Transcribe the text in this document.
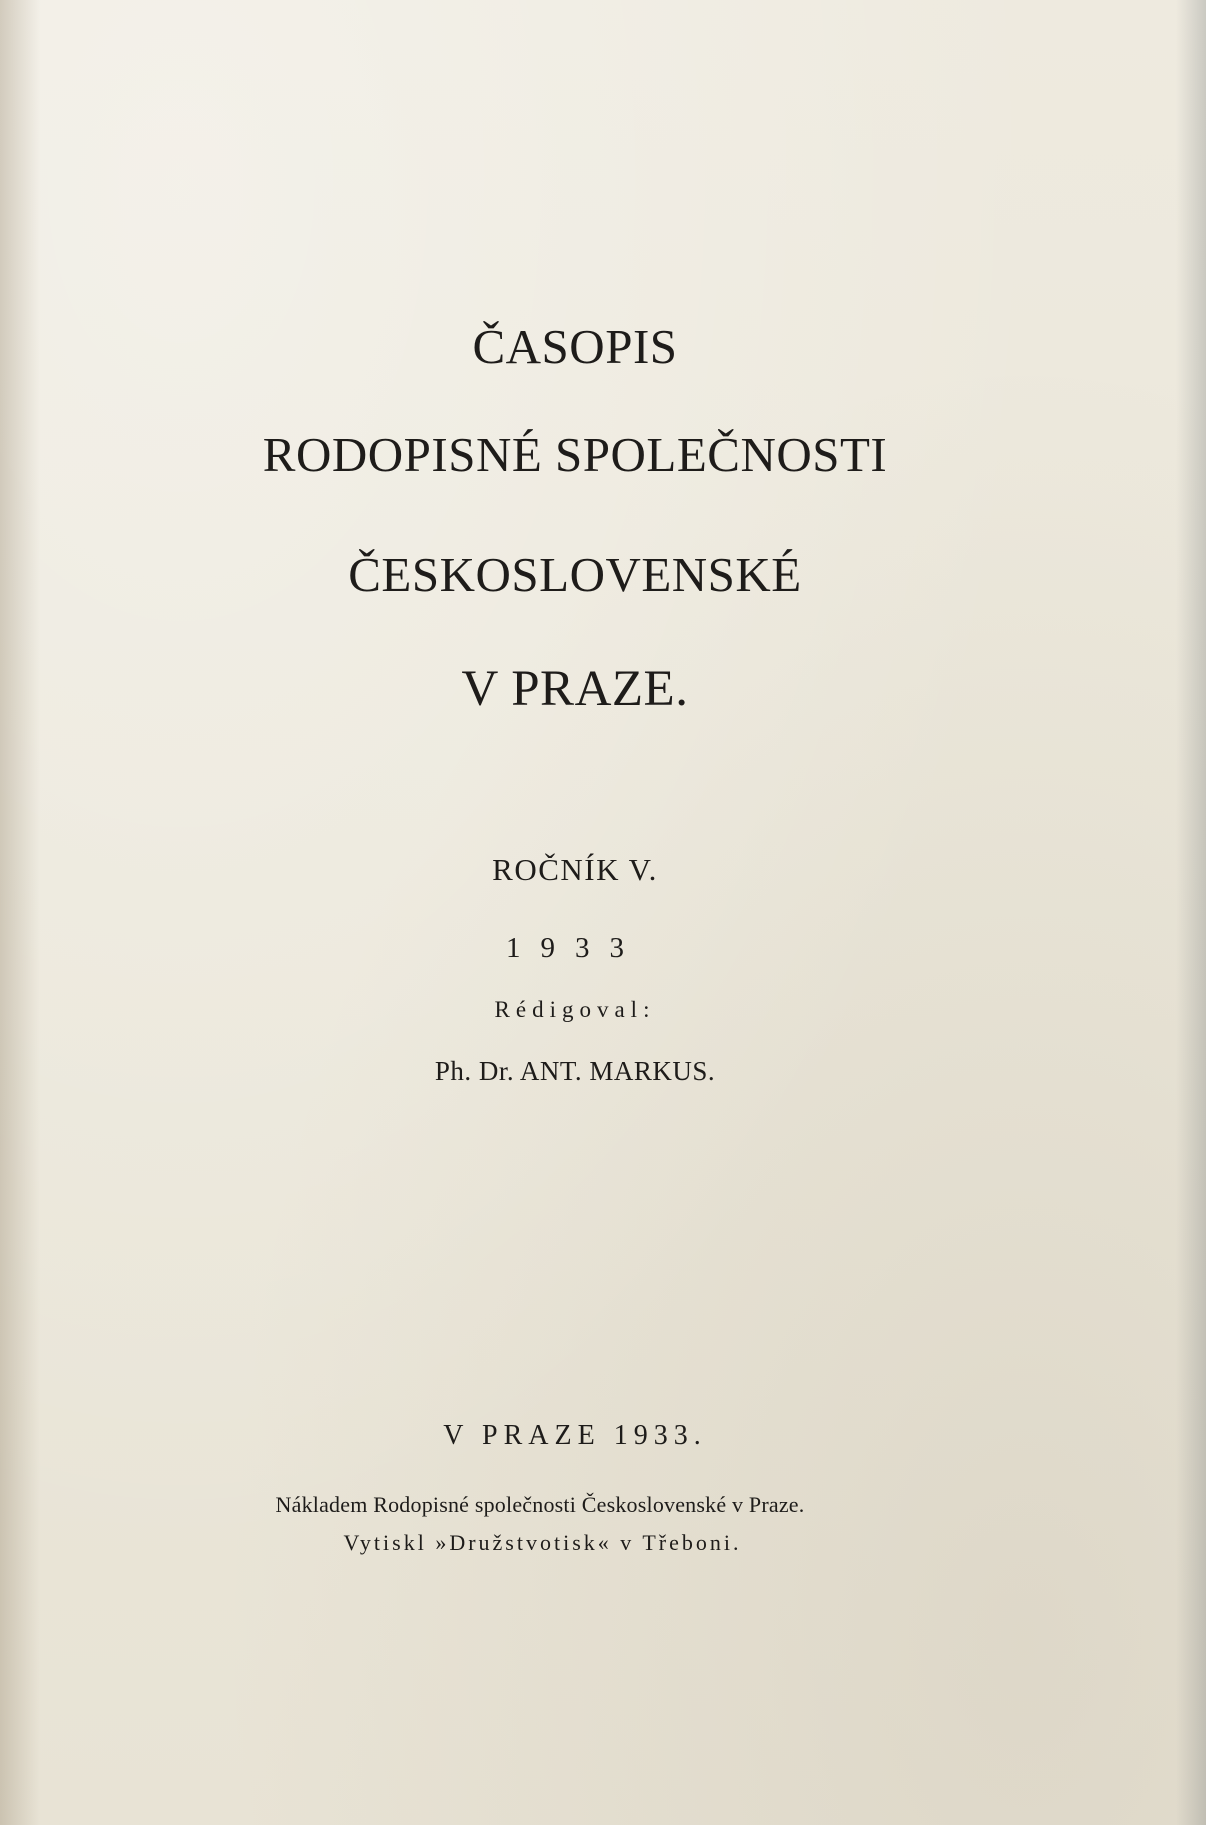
ČASOPIS
RODOPISNÉ SPOLEČNOSTI
ČESKOSLOVENSKÉ
V PRAZE.
ROČNÍK V.
1933
Rédigoval:
Ph. Dr. ANT. MARKUS.
V PRAZE 1933.
Nákladem Rodopisné společnosti Československé v Praze.
Vytiskl »Družstvotisk« v Třeboni.
